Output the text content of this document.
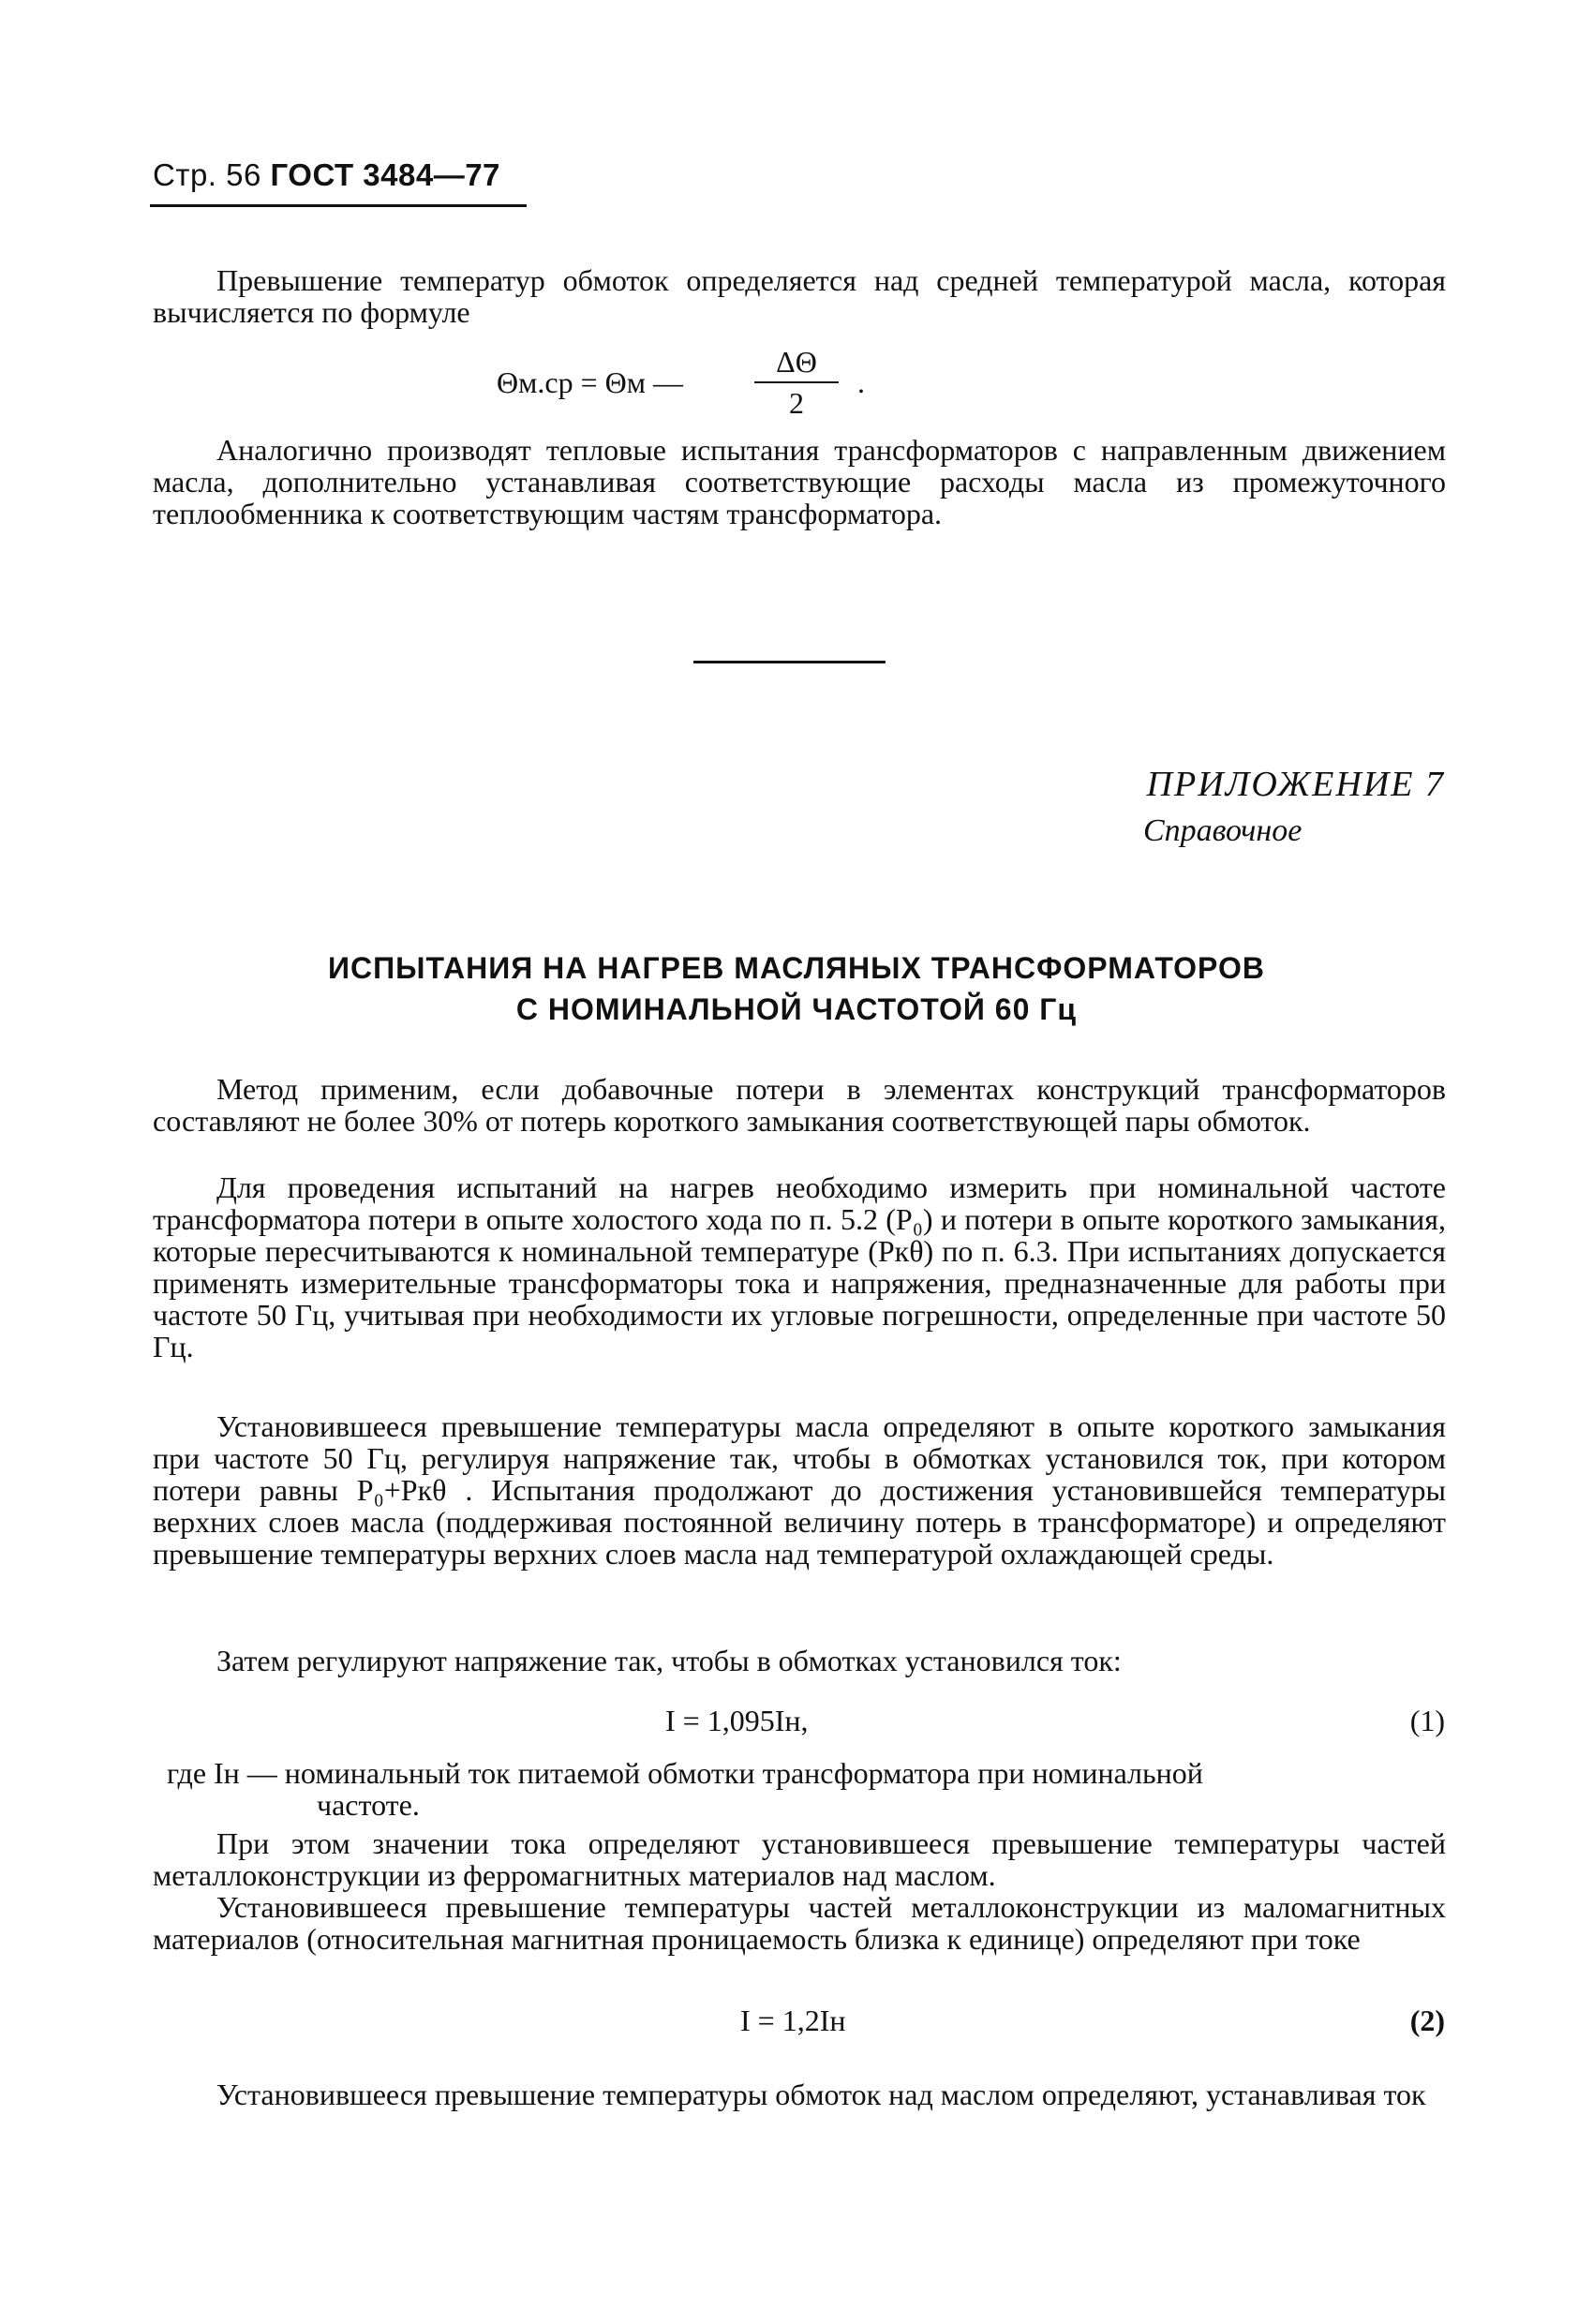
Стр. 56 ГОСТ 3484—77
Превышение температур обмоток определяется над средней температурой масла, которая вычисляется по формуле
Θм.ср = Θм —
ΔΘ
2
.
Аналогично производят тепловые испытания трансформаторов с направленным движением масла, дополнительно устанавливая соответствующие расходы масла из промежуточного теплообменника к соответствующим частям трансформатора.
ПРИЛОЖЕНИЕ 7
Справочное
ИСПЫТАНИЯ НА НАГРЕВ МАСЛЯНЫХ ТРАНСФОРМАТОРОВ
С НОМИНАЛЬНОЙ ЧАСТОТОЙ 60 Гц
Метод применим, если добавочные потери в элементах конструкций трансформаторов составляют не более 30% от потерь короткого замыкания соответствующей пары обмоток.
Для проведения испытаний на нагрев необходимо измерить при номинальной частоте трансформатора потери в опыте холостого хода по п. 5.2 (P₀) и потери в опыте короткого замыкания, которые пересчитываются к номинальной температуре (Pкθ) по п. 6.3. При испытаниях допускается применять измерительные трансформаторы тока и напряжения, предназначенные для работы при частоте 50 Гц, учитывая при необходимости их угловые погрешности, определенные при частоте 50 Гц.
Установившееся превышение температуры масла определяют в опыте короткого замыкания при частоте 50 Гц, регулируя напряжение так, чтобы в обмотках установился ток, при котором потери равны P₀+Pкθ . Испытания продолжают до достижения установившейся температуры верхних слоев масла (поддерживая постоянной величину потерь в трансформаторе) и определяют превышение температуры верхних слоев масла над температурой охлаждающей среды.
Затем регулируют напряжение так, чтобы в обмотках установился ток:
I = 1,095Iн,	(1)
где Iн — номинальный ток питаемой обмотки трансформатора при номинальной
частоте.
При этом значении тока определяют установившееся превышение температуры частей металлоконструкции из ферромагнитных материалов над маслом.
Установившееся превышение температуры частей металлоконструкции из маломагнитных материалов (относительная магнитная проницаемость близка к единице) определяют при токе
I = 1,2Iн	(2)
Установившееся превышение температуры обмоток над маслом определяют, устанавливая ток
